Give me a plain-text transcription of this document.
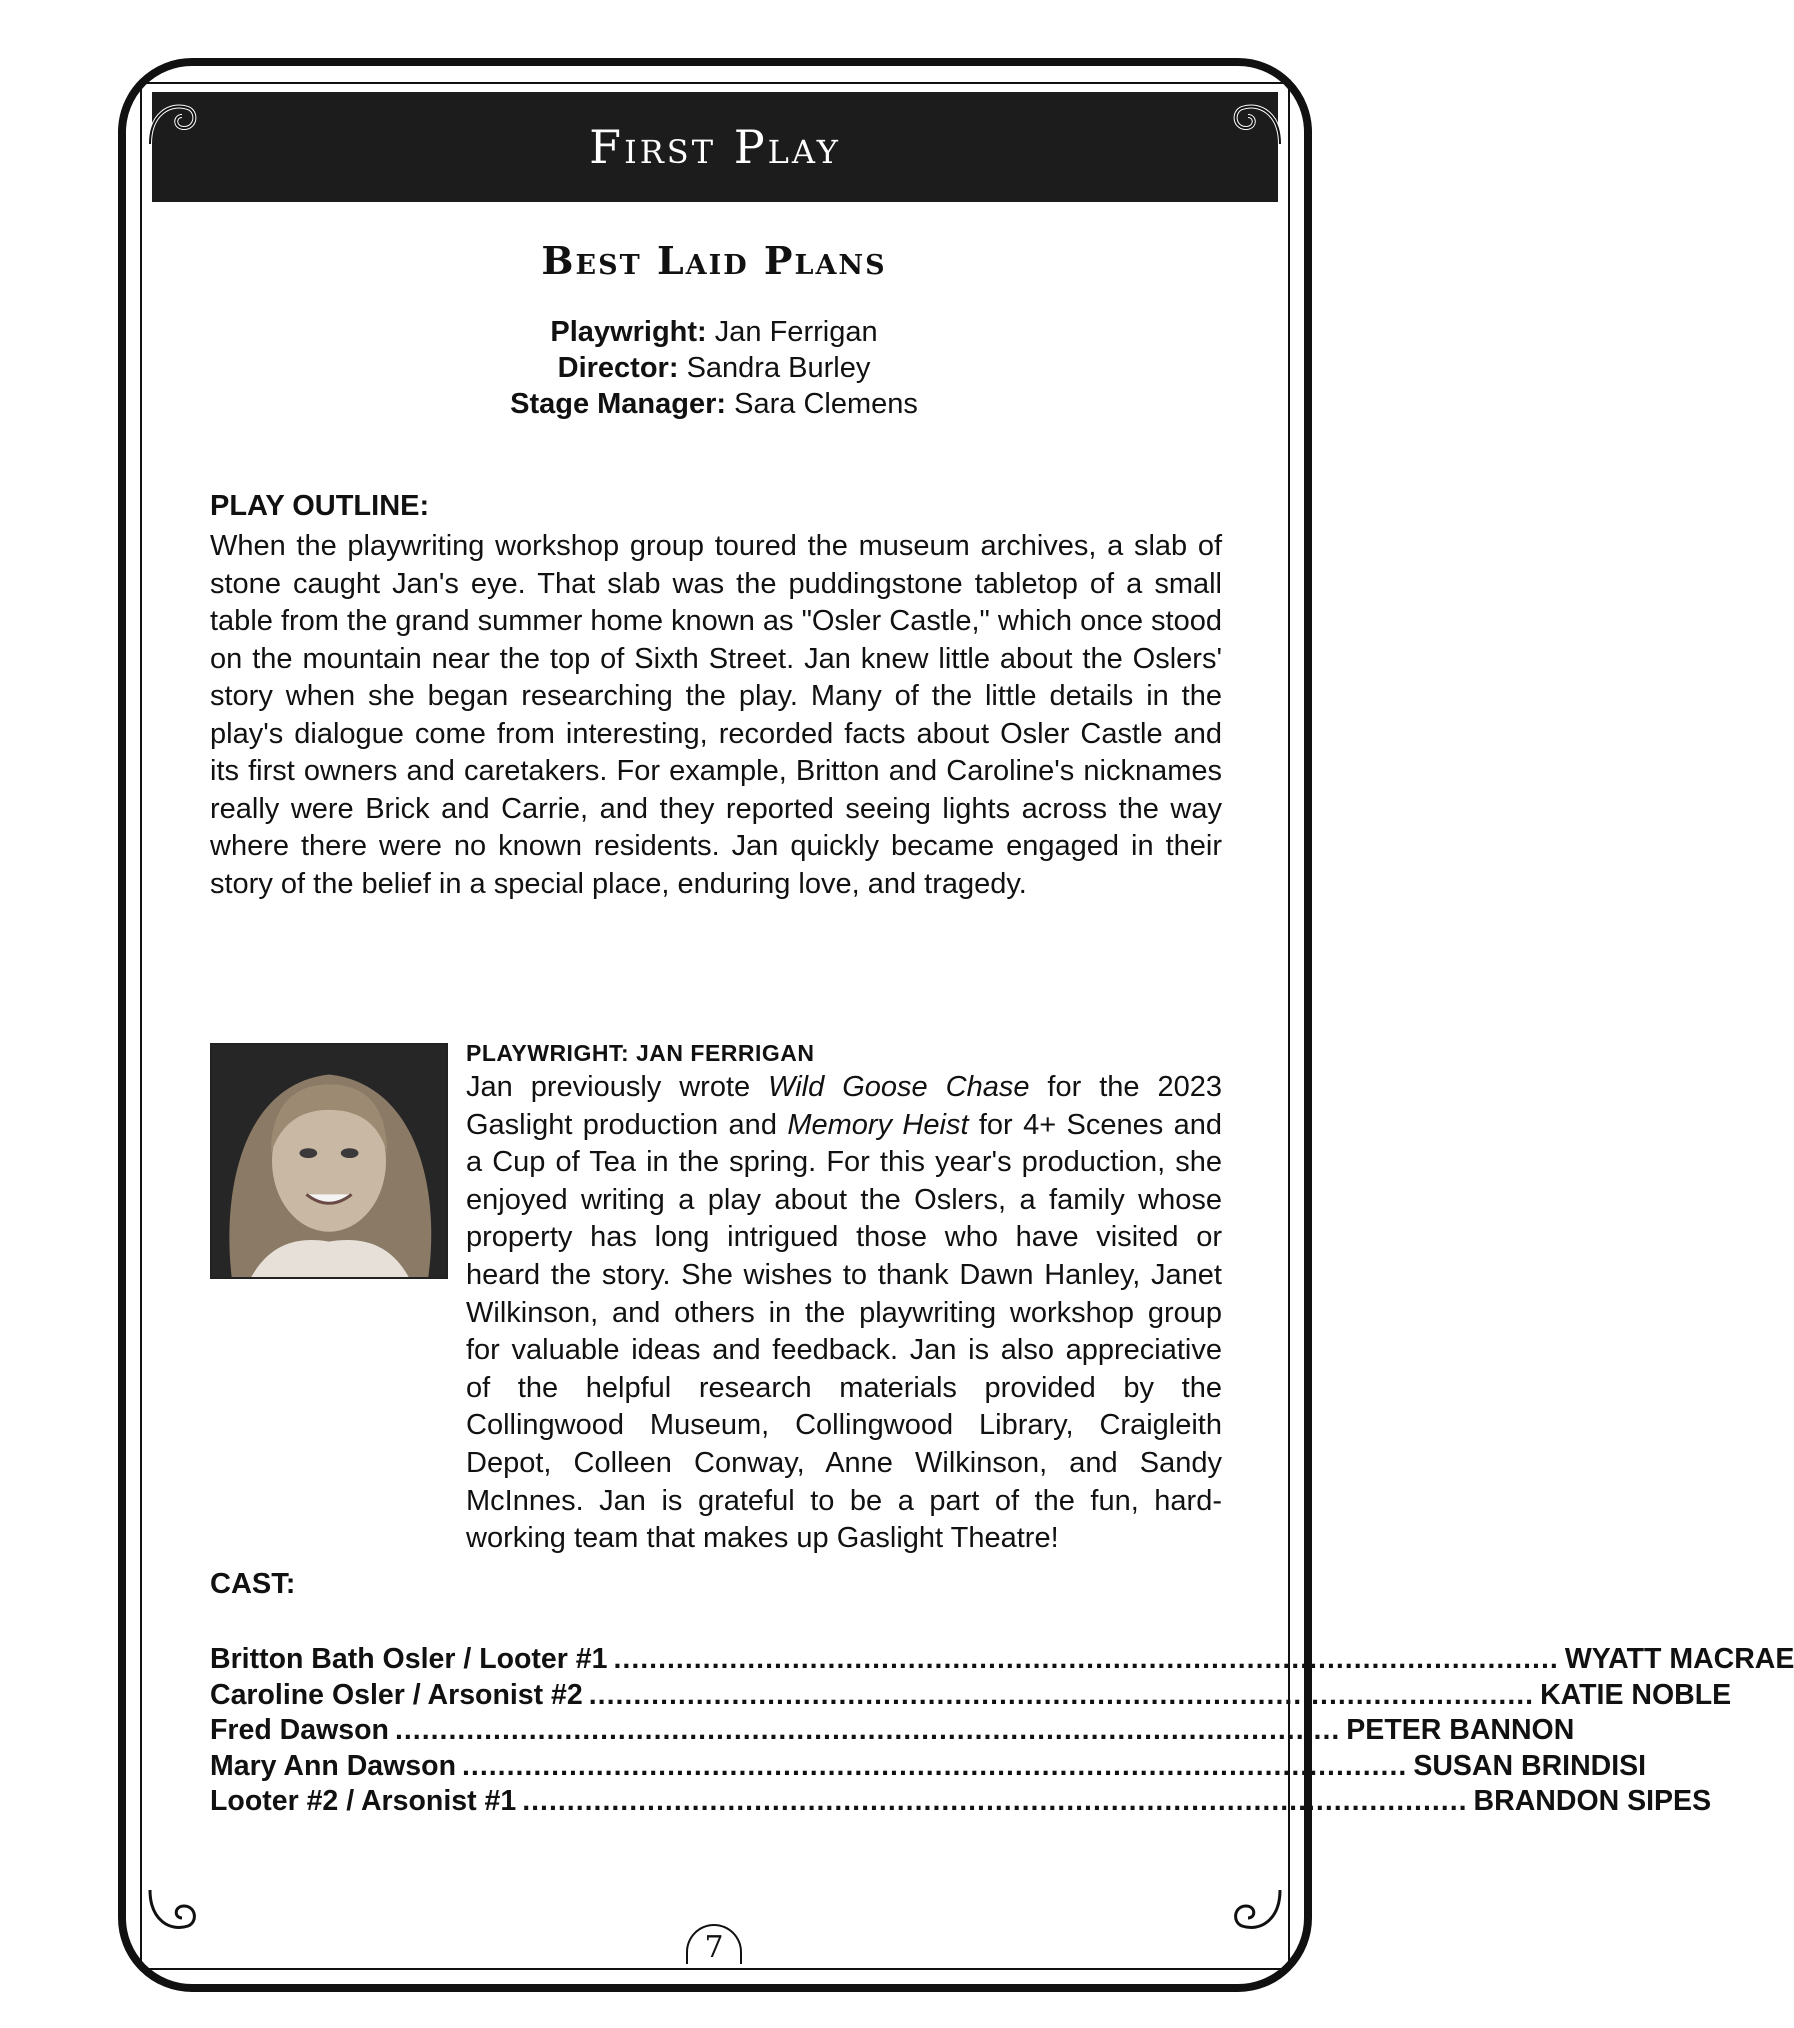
First Play
Best Laid Plans
Playwright: Jan Ferrigan
Director: Sandra Burley
Stage Manager: Sara Clemens
PLAY OUTLINE:
When the playwriting workshop group toured the museum archives, a slab of stone caught Jan's eye. That slab was the puddingstone tabletop of a small table from the grand summer home known as "Osler Castle," which once stood on the mountain near the top of Sixth Street. Jan knew little about the Oslers' story when she began researching the play. Many of the little details in the play's dialogue come from interesting, recorded facts about Osler Castle and its first owners and caretakers. For example, Britton and Caroline's nicknames really were Brick and Carrie, and they reported seeing lights across the way where there were no known residents. Jan quickly became engaged in their story of the belief in a special place, enduring love, and tragedy.
PLAYWRIGHT: JAN FERRIGAN
Jan previously wrote Wild Goose Chase for the 2023 Gaslight production and Memory Heist for 4+ Scenes and a Cup of Tea in the spring. For this year's production, she enjoyed writing a play about the Oslers, a family whose property has long intrigued those who have visited or heard the story. She wishes to thank Dawn Hanley, Janet Wilkinson, and others in the playwriting workshop group for valuable ideas and feedback. Jan is also appreciative of the helpful research materials provided by the Collingwood Museum, Collingwood Library, Craigleith Depot, Colleen Conway, Anne Wilkinson, and Sandy McInnes. Jan is grateful to be a part of the fun, hard-working team that makes up Gaslight Theatre!
CAST:
Britton Bath Osler / Looter #1 .......................................................................................................... WYATT MACRAE
Caroline Osler / Arsonist #2 .......................................................................................................... KATIE NOBLE
Fred Dawson .......................................................................................................... PETER BANNON
Mary Ann Dawson .......................................................................................................... SUSAN BRINDISI
Looter #2 / Arsonist #1 .......................................................................................................... BRANDON SIPES
7
